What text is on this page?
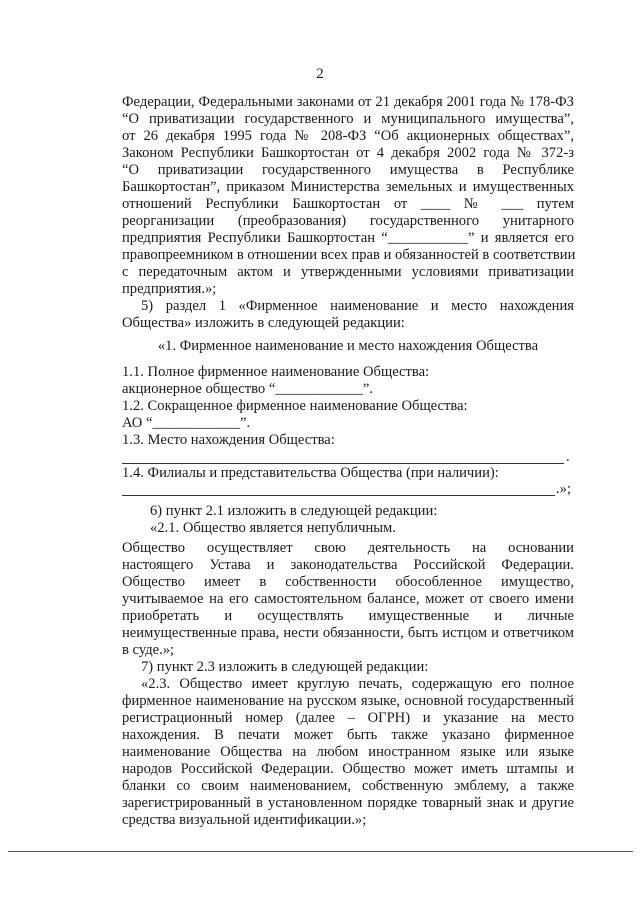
2
Федерации, Федеральными законами от 21 декабря 2001 года № 178-ФЗ
“О приватизации государственного и муниципального имущества”,
от 26 декабря 1995 года № 208-ФЗ “Об акционерных обществах”,
Законом Республики Башкортостан от 4 декабря 2002 года № 372-з
“О приватизации государственного имущества в Республике
Башкортостан”, приказом Министерства земельных и имущественных
отношений Республики Башкортостан от ____ № ___ путем
реорганизации (преобразования) государственного унитарного
предприятия Республики Башкортостан “___________” и является его
правопреемником в отношении всех прав и обязанностей в соответствии
с передаточным актом и утвержденными условиями приватизации
предприятия.»;
5) раздел 1 «Фирменное наименование и место нахождения
Общества» изложить в следующей редакции:
«1. Фирменное наименование и место нахождения Общества
1.1. Полное фирменное наименование Общества:
акционерное общество “____________”.
1.2. Сокращенное фирменное наименование Общества:
АО “____________”.
1.3. Место нахождения Общества:
.
1.4. Филиалы и представительства Общества (при наличии):
.»;
6) пункт 2.1 изложить в следующей редакции:
«2.1. Общество является непубличным.
Общество осуществляет свою деятельность на основании
настоящего Устава и законодательства Российской Федерации.
Общество имеет в собственности обособленное имущество,
учитываемое на его самостоятельном балансе, может от своего имени
приобретать и осуществлять имущественные и личные
неимущественные права, нести обязанности, быть истцом и ответчиком
в суде.»;
7) пункт 2.3 изложить в следующей редакции:
«2.3. Общество имеет круглую печать, содержащую его полное
фирменное наименование на русском языке, основной государственный
регистрационный номер (далее – ОГРН) и указание на место
нахождения. В печати может быть также указано фирменное
наименование Общества на любом иностранном языке или языке
народов Российской Федерации. Общество может иметь штампы и
бланки со своим наименованием, собственную эмблему, а также
зарегистрированный в установленном порядке товарный знак и другие
средства визуальной идентификации.»;
